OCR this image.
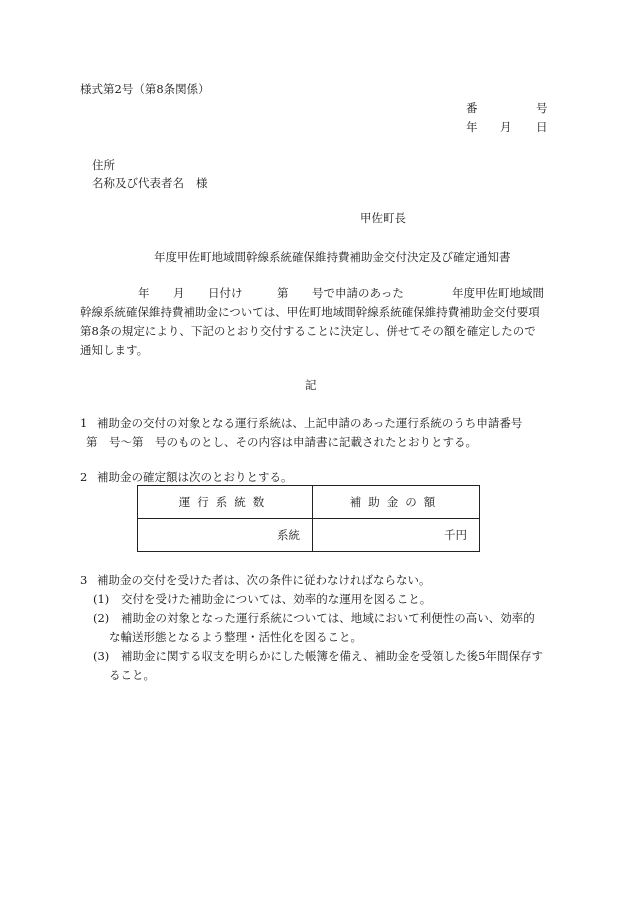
様式第2号（第8条関係）
番	号
年 月 日
住所
名称及び代表者名 様
甲佐町長
年度甲佐町地域間幹線系統確保維持費補助金交付決定及び確定通知書
年 月 日付け	第 号で申請のあった	年度甲佐町地域間
幹線系統確保維持費補助金については、甲佐町地域間幹線系統確保維持費補助金交付要項
第8条の規定により、下記のとおり交付することに決定し、併せてその額を確定したので
通知します。
記
1 補助金の交付の対象となる運行系統は、上記申請のあった運行系統のうち申請番号
第　号～第　号のものとし、その内容は申請書に記載されたとおりとする。
2 補助金の確定額は次のとおりとする。
運行系統数	補助金の額
系統	千円
3 補助金の交付を受けた者は、次の条件に従わなければならない。
(1) 交付を受けた補助金については、効率的な運用を図ること。
(2) 補助金の対象となった運行系統については、地域において利便性の高い、効率的
な輸送形態となるよう整理・活性化を図ること。
(3) 補助金に関する収支を明らかにした帳簿を備え、補助金を受領した後5年間保存す
ること。
